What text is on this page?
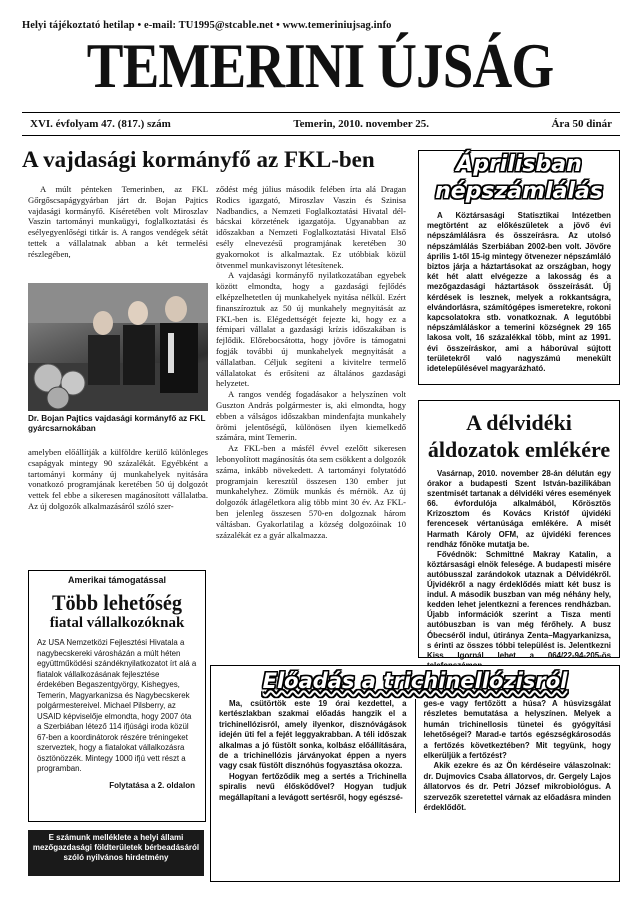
Helyi tájékoztató hetilap • e-mail: TU1995@stcable.net • www.temeriniujsag.info
TEMERINI ÚJSÁG
XVI. évfolyam 47. (817.) szám	Temerin, 2010. november 25.	Ára 50 dinár
A vajdasági kormányfő az FKL-ben

A múlt pénteken Temerinben, az FKL Gőrgőscsapágygyárban járt dr. Bojan Pajtics vajdasági kormányfő. Kíséretében volt Miroszlav Vaszin tartományi munkaügyi, foglalkoztatási és esélyegyenlőségi titkár is. A rangos vendégek sétát tettek a vállalatnak abban a két termelési részlegében,

Dr. Bojan Pajtics vajdasági kormányfő az FKL gyárcsarnokában

amelyben előállítják a külföldre kerülő különleges csapágyak mintegy 90 százalékát. Egyébként a tartományi kormány új munkahelyek nyitására vonatkozó programjának keretében 50 új dolgozót vettek fel ebbe a sikeresen magánosított vállalatba. Az új dolgozók alkalmazásáról szóló szer-

ződést még július második felében írta alá Dragan Rodics igazgató, Miroszlav Vaszin és Szinisa Nadbandics, a Nemzeti Foglalkoztatási Hivatal dél-bácskai körzetének igazgatója. Ugyanabban az időszakban a Nemzeti Foglalkoztatási Hivatal Első esély elnevezésű programjának keretében 30 gyakornokot is alkalmaztak. Ez utóbbiak közül ötvenmel munkaviszonyt létesítenek.

A vajdasági kormányfő nyilatkozatában egyebek között elmondta, hogy a gazdasági fejlődés elképzelhetetlen új munkahelyek nyitása nélkül. Ezért finanszíroztuk az 50 új munkahely megnyitását az FKL-ben is. Elégedettségét fejezte ki, hogy ez a fémipari vállalat a gazdasági krízis időszakában is fejlődik. Előrebocsátotta, hogy jövőre is támogatni fogják további új munkahelyek megnyitását a vállalatban. Céljuk segíteni a kivitelre termelő vállalatokat és erősíteni az általános gazdasági helyzetet.

A rangos vendég fogadásakor a helyszínen volt Guszton András polgármester is, aki elmondta, hogy ebben a válságos időszakban mindenfajta munkahely örömi jelentőségű, különösen ilyen kiemelkedő számára, mint Temerin.

Az FKL-ben a másfél évvel ezelőtt sikeresen lebonyolított magánosítás óta sem csökkent a dolgozók száma, inkább növekedett. A tartományi folytatódó programjain keresztül összesen 130 ember jut munkahelyhez. Zömük munkás és mérnök. Az új dolgozók átlagéletkora alig több mint 30 év. Az FKL-ben jelenleg összesen 570-en dolgoznak három váltásban. Gyakorlatilag a község dolgozóinak 10 százalékát ez a gyár alkalmazza.

Amerikai támogatással
Több lehetőség
fiatal vállalkozóknak
Az USA Nemzetközi Fejlesztési Hivatala a nagybecskereki városházán a múlt héten együttműködési szándéknyilatkozatot írt alá a fiatalok vállalkozásának fejlesztése érdekében Begaszentgyörgy, Kishegyes, Temerin, Magyarkanizsa és Nagybecskerek polgármestereivel. Michael Pilsberry, az USAID képviselője elmondta, hogy 2007 óta a Szerbiában létező 114 ifjúsági iroda közül 67-ben a koordinátorok részére tréningeket szerveztek, hogy a fiatalokat vállalkozásra ösztönözzék. Mintegy 1000 ifjú vett részt a programban.
Folytatása a 2. oldalon
E számunk melléklete a helyi állami mezőgazdasági földterületek bérbeadásáról szóló nyilvános hirdetmény
Áprilisban
népszámlálás
A Köztársasági Statisztikai Intézetben megtörtént az előkészületek a jövő évi népszámlálásra és összeírásra. Az utolsó népszámlálás Szerbiában 2002-ben volt. Jövőre április 1-től 15-ig mintegy ötvenezer népszámláló biztos járja a háztartásokat az országban, hogy két hét alatt elvégezze a lakosság és a mezőgazdasági háztartások összeírását. Új kérdések is lesznek, melyek a rokkantságra, elvándorlásra, számítógépes ismeretekre, rokoni kapcsolatokra stb. vonatkoznak. A legutóbbi népszámláláskor a temerini községnek 29 165 lakosa volt, 16 százalékkal több, mint az 1991. évi összeíráskor, ami a háborúval sújtott területekről való nagyszámú menekült idetelepülésével magyarázható.
A délvidéki
áldozatok emlékére

Vasárnap, 2010. november 28-án délután egy órakor a budapesti Szent István-bazilikában szentmisét tartanak a délvidéki véres események 66. évfordulója alkalmából, Kőrösztös Krizosztom és Kovács Kristóf újvidéki ferencesek vértanúsága emlékére. A misét Harmath Károly OFM, az újvidéki ferences rendház főnöke mutatja be.

Fővédnök: Schmittné Makray Katalin, a köztársasági elnök felesége. A budapesti misére autóbusszal zarándokok utaznak a Délvidékről. Újvidékről a nagy érdeklődés miatt két busz is indul. A második buszban van még néhány hely, kedden lehet jelentkezni a ferences rendházban. Újabb információk szerint a Tisza menti autóbuszban is van még férőhely. A busz Óbecséről indul, útiránya Zenta–Magyarkanizsa, s érinti az összes tóbbi települést is. Jelentkezni Kiss Igornál lehet a 064/22-94-205-ös

Előadás a trichinellózisról

Ma, csütörtök este 19 órai kezdettel, a kertészlakban szakmai előadás hangzik el a trichinellózisról, amely ilyenkor, disznóvágások idején üti fel a fejét leggyakrabban. A téli időszak alkalmas a jó füstölt sonka, kolbász előállítására, de a trichinellózis járványokat éppen a nyers vagy csak füstölt disznóhús fogyasztása okozza.

Hogyan fertőződik meg a sertés a Trichinella spiralis nevű élősködővel? Hogyan tudjuk megállapítani a levágott sertésről, hogy egészsé-

ges-e vagy fertőzött a húsa? A húsvizsgálat részletes bemutatása a helyszínen. Melyek a humán trichinellosis tünetei és gyógyítási lehetőségei? Marad-e tartós egészségkárosodás a fertőzés következtében? Mit tegyünk, hogy elkerüljük a fertőzést?

Akik ezekre és az Ön kérdéseire válaszolnak: dr. Dujmovics Csaba állatorvos, dr. Gergely Lajos állatorvos és dr. Petri József mikrobiológus. A szervezők szeretettel várnak az előadásra minden érdeklődőt.
